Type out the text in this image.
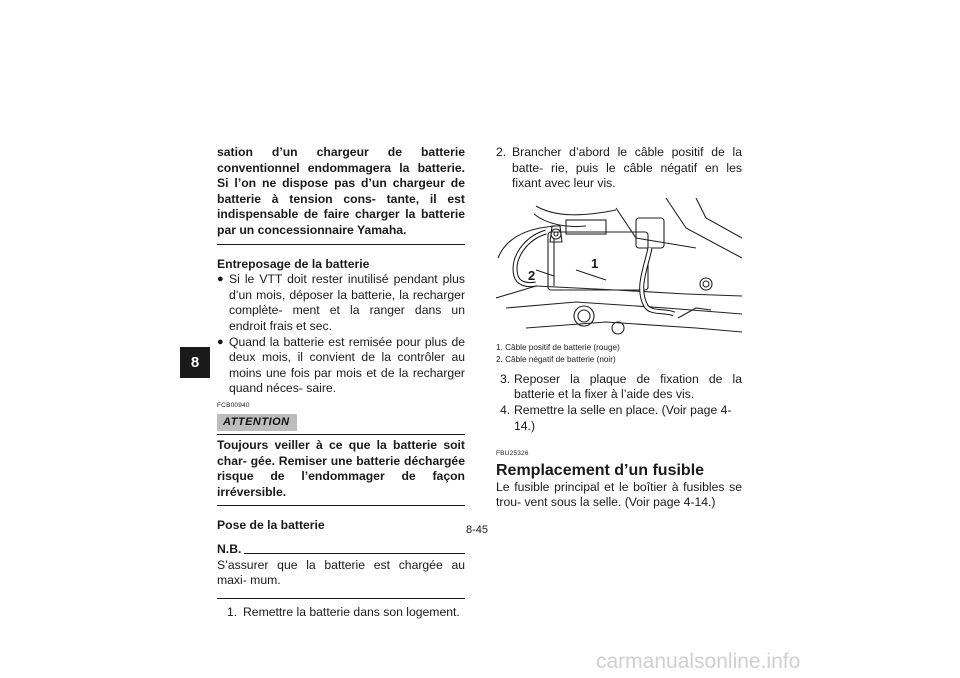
8
sation d’un chargeur de batterie conventionnel endommagera la batterie. Si l’on ne dispose pas d’un chargeur de batterie à tension cons- tante, il est indispensable de faire charger la batterie par un concessionnaire Yamaha.
Entreposage de la batterie
● Si le VTT doit rester inutilisé pendant plus d’un mois, déposer la batterie, la recharger complète- ment et la ranger dans un endroit frais et sec.
● Quand la batterie est remisée pour plus de deux mois, il convient de la contrôler au moins une fois par mois et de la recharger quand néces- saire.
FCB00940
ATTENTION
Toujours veiller à ce que la batterie soit char- gée. Remiser une batterie déchargée risque de l’endommager de façon irréversible.
Pose de la batterie
N.B.
S’assurer que la batterie est chargée au maxi- mum.
1. Remettre la batterie dans son logement.
2. Brancher d’abord le câble positif de la batte- rie, puis le câble négatif en les fixant avec leur vis.
1
2
1. Câble positif de batterie (rouge)
2. Câble négatif de batterie (noir)
3. Reposer la plaque de fixation de la batterie et la fixer à l’aide des vis.
4. Remettre la selle en place. (Voir page 4-14.)
FBU25326
Remplacement d’un fusible
Le fusible principal et le boîtier à fusibles se trou- vent sous la selle. (Voir page 4-14.)
8-45
carmanualsonline.info
